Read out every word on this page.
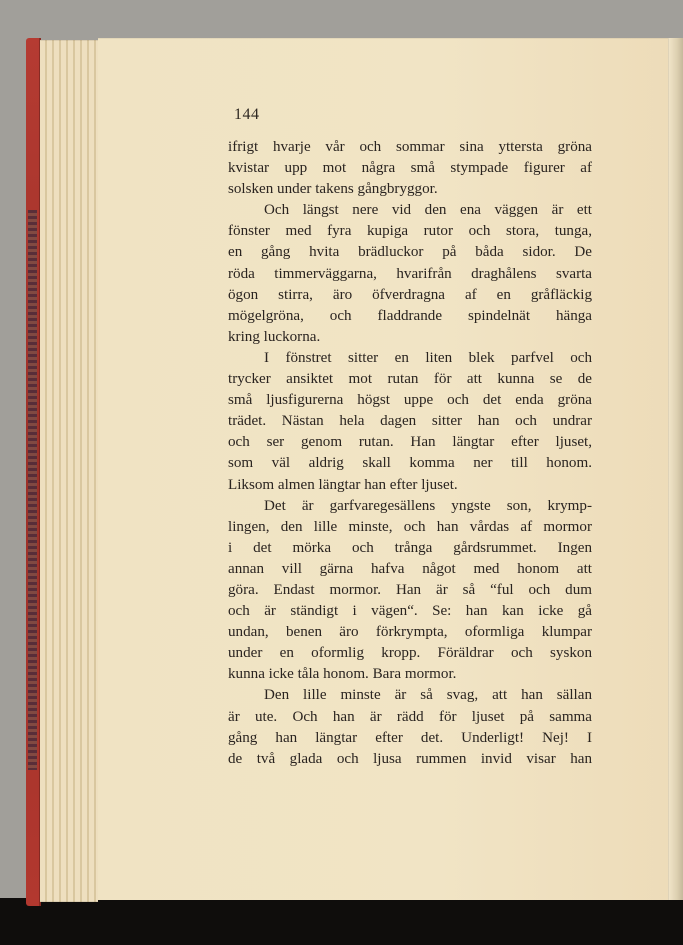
144
ifrigt hvarje vår och sommar sina yttersta gröna
kvistar upp mot några små stympade figurer af
solsken under takens gångbryggor.
Och längst nere vid den ena väggen är ett
fönster med fyra kupiga rutor och stora, tunga,
en gång hvita brädluckor på båda sidor. De
röda timmerväggarna, hvarifrån draghålens svarta
ögon stirra, äro öfverdragna af en gråfläckig
mögelgröna, och fladdrande spindelnät hänga
kring luckorna.
I fönstret sitter en liten blek parfvel och
trycker ansiktet mot rutan för att kunna se de
små ljusfigurerna högst uppe och det enda gröna
trädet. Nästan hela dagen sitter han och undrar
och ser genom rutan. Han längtar efter ljuset,
som väl aldrig skall komma ner till honom.
Liksom almen längtar han efter ljuset.
Det är garfvaregesällens yngste son, krymp-
lingen, den lille minste, och han vårdas af mormor
i det mörka och trånga gårdsrummet. Ingen
annan vill gärna hafva något med honom att
göra. Endast mormor. Han är så “ful och dum
och är ständigt i vägen“. Se: han kan icke gå
undan, benen äro förkrympta, oformliga klumpar
under en oformlig kropp. Föräldrar och syskon
kunna icke tåla honom. Bara mormor.
Den lille minste är så svag, att han sällan
är ute. Och han är rädd för ljuset på samma
gång han längtar efter det. Underligt! Nej! I
de två glada och ljusa rummen invid visar han
